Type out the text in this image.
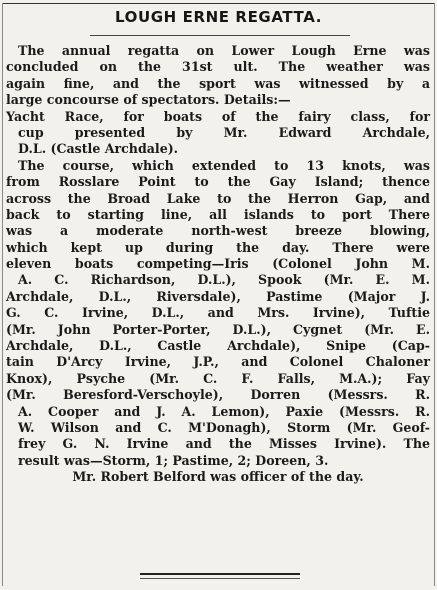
LOUGH ERNE REGATTA.
The annual regatta on Lower Lough Erne was
concluded on the 31st ult. The weather was
again fine, and the sport was witnessed by a
large concourse of spectators. Details:—
Yacht Race, for boats of the fairy class, for
cup presented by Mr. Edward Archdale,
D.L. (Castle Archdale).
The course, which extended to 13 knots, was
from Rosslare Point to the Gay Island; thence
across the Broad Lake to the Herron Gap, and
back to starting line, all islands to port There
was a moderate north-west breeze blowing,
which kept up during the day. There were
eleven boats competing—Iris (Colonel John M.
A. C. Richardson, D.L.), Spook (Mr. E. M.
Archdale, D.L., Riversdale), Pastime (Major J.
G. C. Irvine, D.L., and Mrs. Irvine), Tuftie
(Mr. John Porter-Porter, D.L.), Cygnet (Mr. E.
Archdale, D.L., Castle Archdale), Snipe (Cap-
tain D'Arcy Irvine, J.P., and Colonel Chaloner
Knox), Psyche (Mr. C. F. Falls, M.A.); Fay
(Mr. Beresford-Verschoyle), Dorren (Messrs. R.
A. Cooper and J. A. Lemon), Paxie (Messrs. R.
W. Wilson and C. M'Donagh), Storm (Mr. Geof-
frey G. N. Irvine and the Misses Irvine). The
result was—Storm, 1; Pastime, 2; Doreen, 3.
Mr. Robert Belford was officer of the day.
